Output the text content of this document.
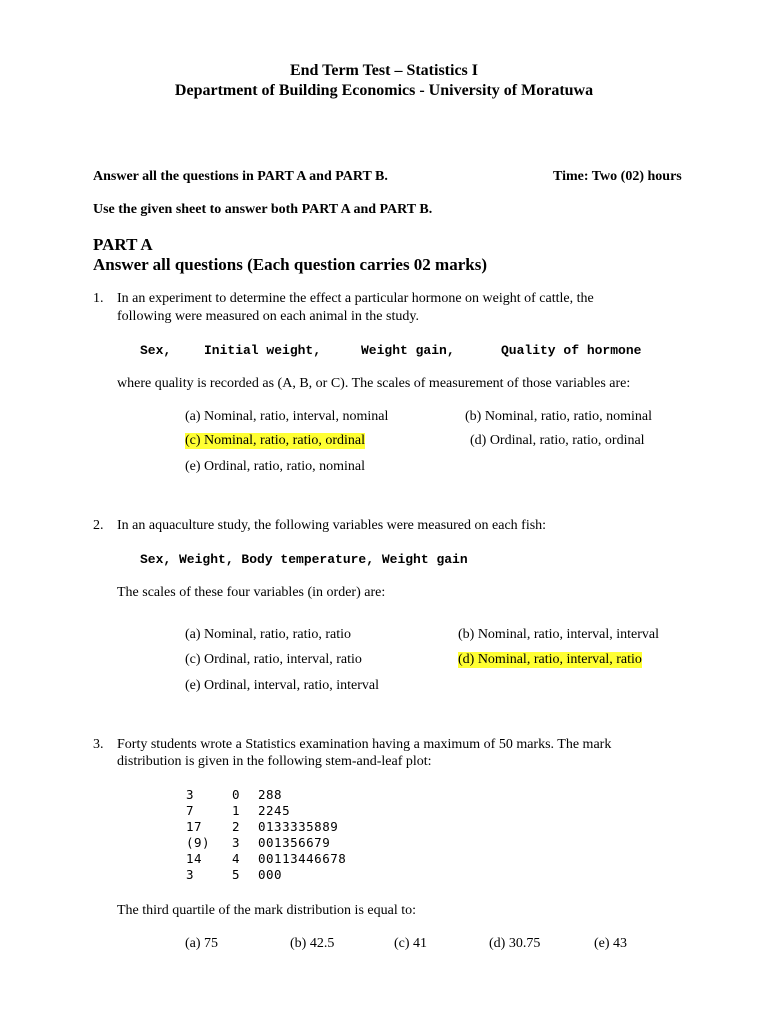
End Term Test – Statistics I
Department of Building Economics - University of Moratuwa
Answer all the questions in PART A and PART B.	Time: Two (02) hours
Use the given sheet to answer both PART A and PART B.
PART A
Answer all questions (Each question carries 02 marks)
1. In an experiment to determine the effect a particular hormone on weight of cattle, the
following were measured on each animal in the study.
Sex,	Initial weight,	Weight gain,	Quality of hormone
where quality is recorded as (A, B, or C). The scales of measurement of those variables are:
(a) Nominal, ratio, interval, nominal	(b) Nominal, ratio, ratio, nominal
(c) Nominal, ratio, ratio, ordinal	(d) Ordinal, ratio, ratio, ordinal
(e) Ordinal, ratio, ratio, nominal
2. In an aquaculture study, the following variables were measured on each fish:
Sex, Weight, Body temperature, Weight gain
The scales of these four variables (in order) are:
(a) Nominal, ratio, ratio, ratio	(b) Nominal, ratio, interval, interval
(c) Ordinal, ratio, interval, ratio	(d) Nominal, ratio, interval, ratio
(e) Ordinal, interval, ratio, interval
3. Forty students wrote a Statistics examination having a maximum of 50 marks. The mark
distribution is given in the following stem-and-leaf plot:
3	0 288
7	1 2245
17 2 0133335889
(9) 3 001356679
14 4 00113446678
3	5 000
The third quartile of the mark distribution is equal to:
(a) 75	(b) 42.5	(c) 41	(d) 30.75	(e) 43
